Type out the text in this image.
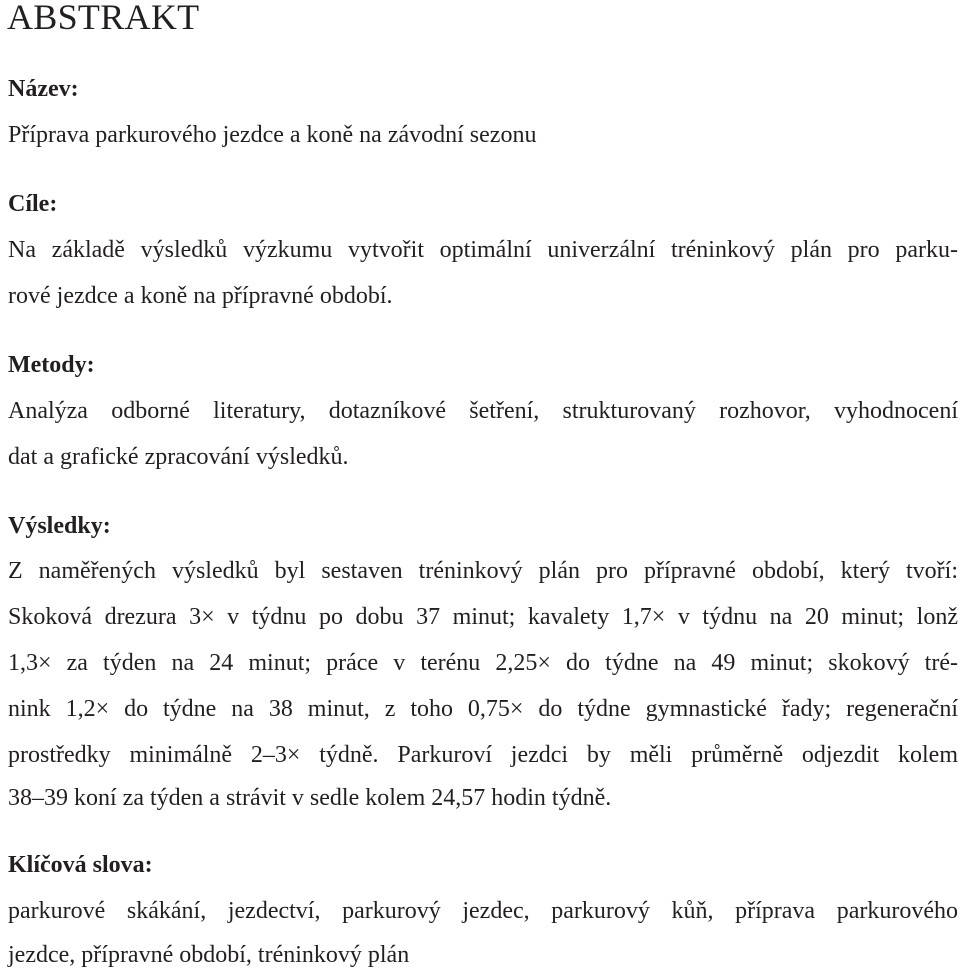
ABSTRAKT
Název:
Příprava parkurového jezdce a koně na závodní sezonu
Cíle:
Na základě výsledků výzkumu vytvořit optimální univerzální tréninkový plán pro parku-
rové jezdce a koně na přípravné období.
Metody:
Analýza odborné literatury, dotazníkové šetření, strukturovaný rozhovor, vyhodnocení
dat a grafické zpracování výsledků.
Výsledky:
Z naměřených výsledků byl sestaven tréninkový plán pro přípravné období, který tvoří:
Skoková drezura 3× v týdnu po dobu 37 minut; kavalety 1,7× v týdnu na 20 minut; lonž
1,3× za týden na 24 minut; práce v terénu 2,25× do týdne na 49 minut; skokový tré-
nink 1,2× do týdne na 38 minut, z toho 0,75× do týdne gymnastické řady; regenerační
prostředky minimálně 2–3× týdně. Parkuroví jezdci by měli průměrně odjezdit kolem
38–39 koní za týden a strávit v sedle kolem 24,57 hodin týdně.
Klíčová slova:
parkurové skákání, jezdectví, parkurový jezdec, parkurový kůň, příprava parkurového
jezdce, přípravné období, tréninkový plán
